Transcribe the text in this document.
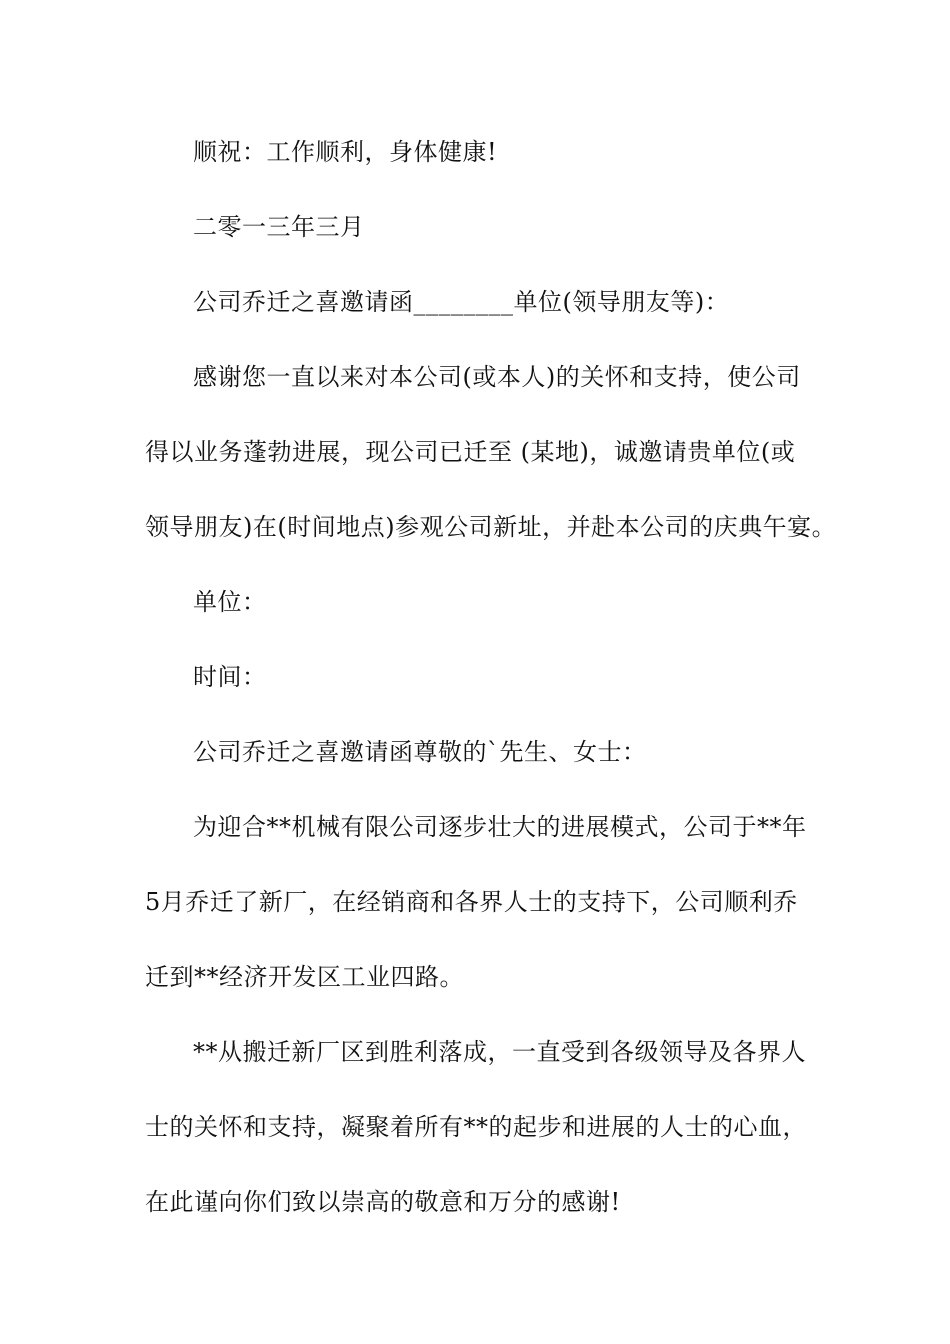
顺祝：工作顺利，身体健康!
二零一三年三月
公司乔迁之喜邀请函________单位(领导朋友等)：
感谢您一直以来对本公司(或本人)的关怀和支持，使公司
得以业务蓬勃进展，现公司已迁至 (某地)，诚邀请贵单位(或
领导朋友)在(时间地点)参观公司新址，并赴本公司的庆典午宴。
单位：
时间：
公司乔迁之喜邀请函尊敬的`先生、女士：
为迎合**机械有限公司逐步壮大的进展模式，公司于**年
5月乔迁了新厂，在经销商和各界人士的支持下，公司顺利乔
迁到**经济开发区工业四路。
**从搬迁新厂区到胜利落成，一直受到各级领导及各界人
士的关怀和支持，凝聚着所有**的起步和进展的人士的心血，
在此谨向你们致以崇高的敬意和万分的感谢!
